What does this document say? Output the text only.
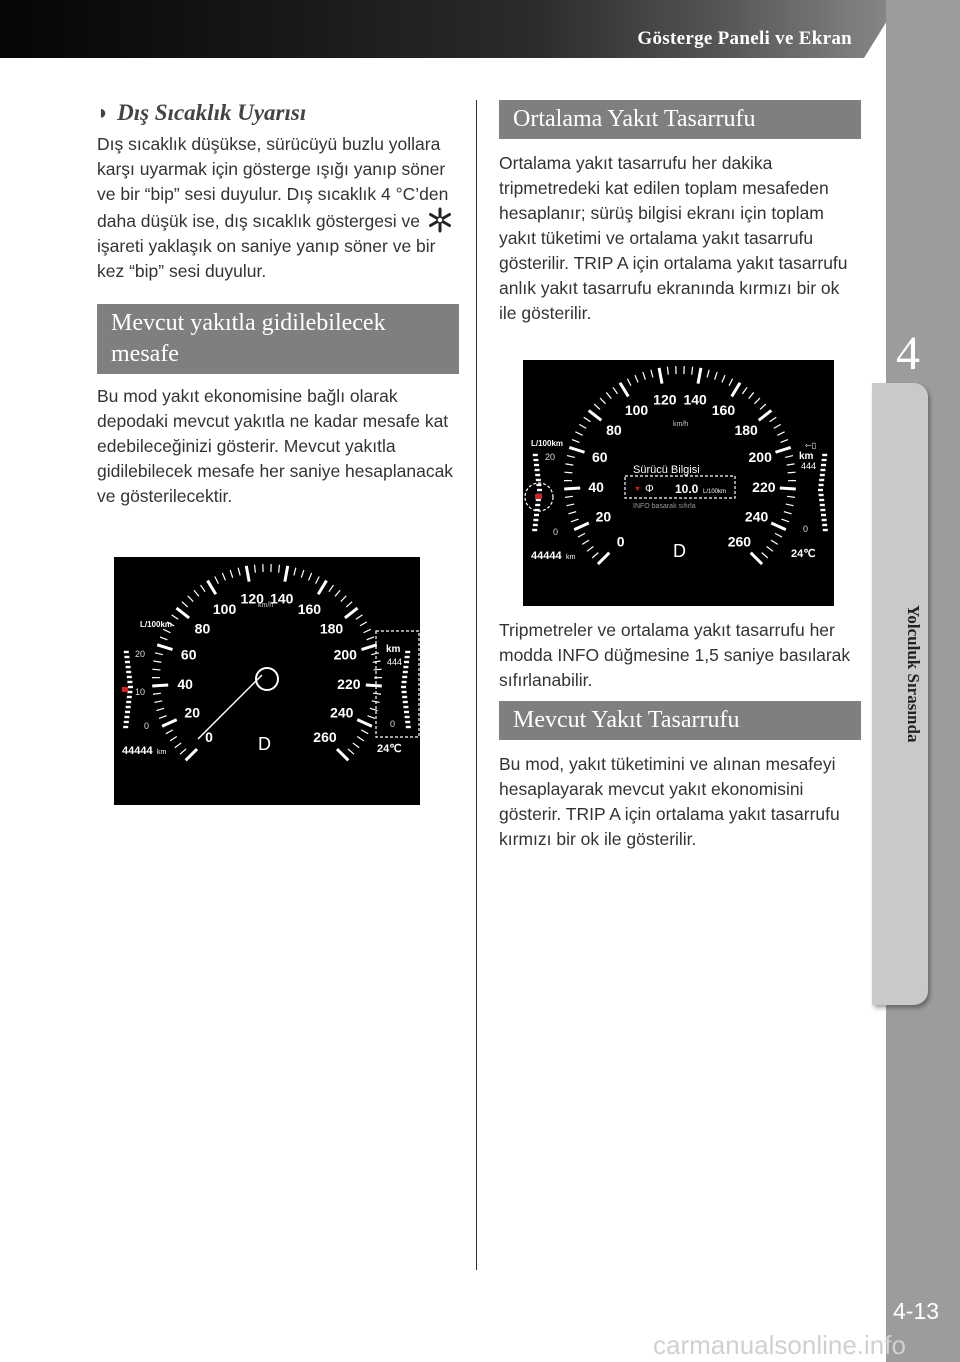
Gösterge Paneli ve Ekran
4
Yolculuk Sırasında
4-13
carmanualsonline.info
◗ Dış Sıcaklık Uyarısı

Dış sıcaklık düşükse, sürücüyü buzlu yollara karşı uyarmak için gösterge ışığı yanıp söner ve bir “bip” sesi duyulur. Dış sıcaklık 4 °C’den daha düşük ise, dış sıcaklık göstergesi ve  işareti yaklaşık on saniye yanıp söner ve bir kez “bip” sesi duyulur.

Mevcut yakıtla gidilebilecek mesafe

Bu mod yakıt ekonomisine bağlı olarak depodaki mevcut yakıtla ne kadar mesafe kat edebileceğinizi gösterir. Mevcut yakıtla gidilebilecek mesafe her saniye hesaplanacak ve gösterilecektir.

0
20
40
60
80
100
120 140
160
180
200
220
240
260
L/100km
20
10
0
km
444
0
D
44444 km	24℃
km/h
Ortalama Yakıt Tasarrufu

Ortalama yakıt tasarrufu her dakika tripmetredeki kat edilen toplam mesafeden hesaplanır; sürüş bilgisi ekranı için toplam yakıt tüketimi ve ortalama yakıt tasarrufu gösterilir. TRIP A için ortalama yakıt tasarrufu anlık yakıt tasarrufu ekranında kırmızı bir ok ile gösterilir.

0
20
40
60
80
100
120 140
160
180
200
220
240
260
km/h
Sürücü Bilgisi
▼ Φ 10.0 L/100km
INFO basarak sıfırla
L/100km
20
0
⇽▯
km
444
0
D
44444 km	24℃

Tripmetreler ve ortalama yakıt tasarrufu her modda INFO düğmesine 1,5 saniye basılarak sıfırlanabilir.

Mevcut Yakıt Tasarrufu

Bu mod, yakıt tüketimini ve alınan mesafeyi hesaplayarak mevcut yakıt ekonomisini gösterir. TRIP A için ortalama yakıt tasarrufu kırmızı bir ok ile gösterilir.
